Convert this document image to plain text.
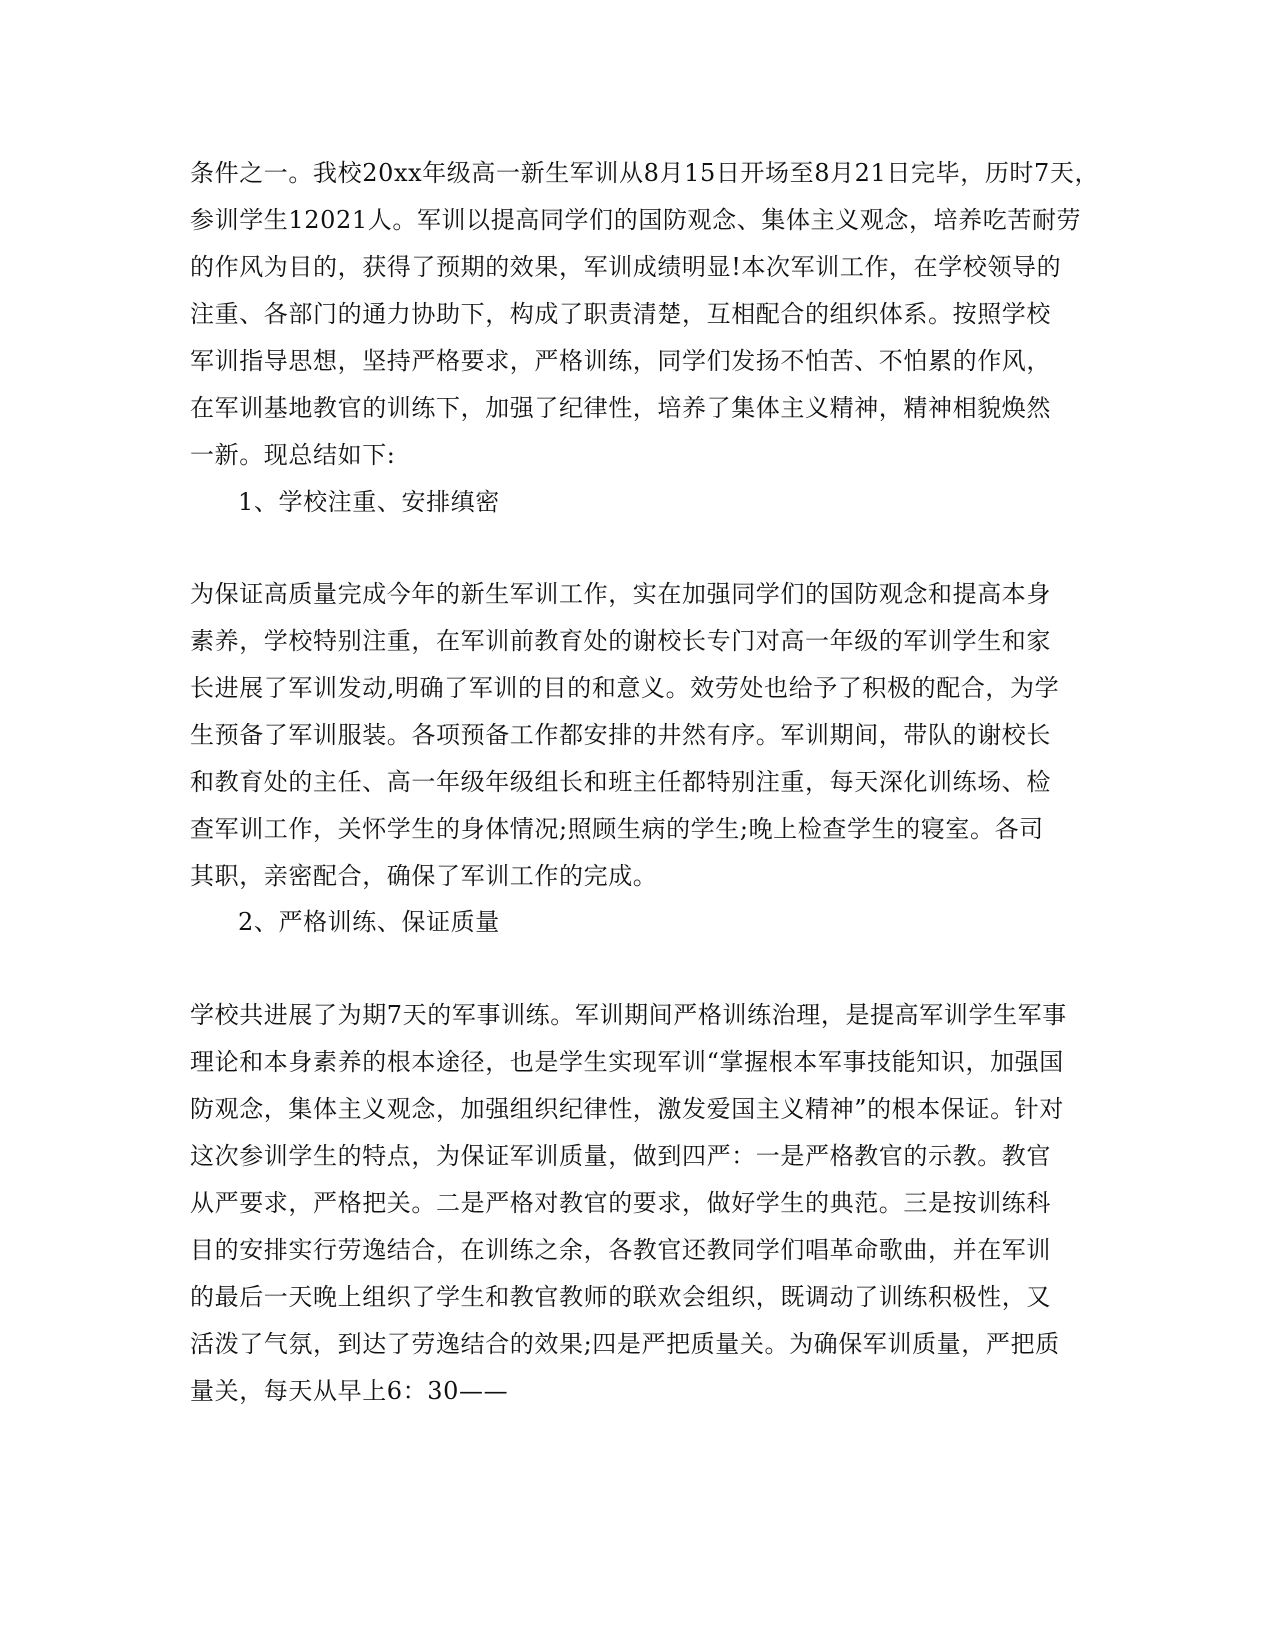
条件之一。我校20xx年级高一新生军训从8月15日开场至8月21日完毕，历时7天，
参训学生12021人。军训以提高同学们的国防观念、集体主义观念，培养吃苦耐劳
的作风为目的，获得了预期的效果，军训成绩明显!本次军训工作，在学校领导的
注重、各部门的通力协助下，构成了职责清楚，互相配合的组织体系。按照学校
军训指导思想，坚持严格要求，严格训练，同学们发扬不怕苦、不怕累的作风，
在军训基地教官的训练下，加强了纪律性，培养了集体主义精神，精神相貌焕然
一新。现总结如下:
1、学校注重、安排缜密
为保证高质量完成今年的新生军训工作，实在加强同学们的国防观念和提高本身
素养，学校特别注重，在军训前教育处的谢校长专门对高一年级的军训学生和家
长进展了军训发动,明确了军训的目的和意义。效劳处也给予了积极的配合，为学
生预备了军训服装。各项预备工作都安排的井然有序。军训期间，带队的谢校长
和教育处的主任、高一年级年级组长和班主任都特别注重，每天深化训练场、检
查军训工作，关怀学生的身体情况;照顾生病的学生;晚上检查学生的寝室。各司
其职，亲密配合，确保了军训工作的完成。
2、严格训练、保证质量
学校共进展了为期7天的军事训练。军训期间严格训练治理，是提高军训学生军事
理论和本身素养的根本途径，也是学生实现军训“掌握根本军事技能知识，加强国
防观念，集体主义观念，加强组织纪律性，激发爱国主义精神”的根本保证。针对
这次参训学生的特点，为保证军训质量，做到四严：一是严格教官的示教。教官
从严要求，严格把关。二是严格对教官的要求，做好学生的典范。三是按训练科
目的安排实行劳逸结合，在训练之余，各教官还教同学们唱革命歌曲，并在军训
的最后一天晚上组织了学生和教官教师的联欢会组织，既调动了训练积极性，又
活泼了气氛，到达了劳逸结合的效果;四是严把质量关。为确保军训质量，严把质
量关，每天从早上6：30——
